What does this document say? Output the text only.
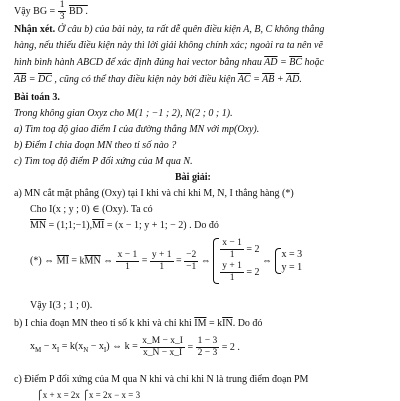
Vậy BG = $\frac{1}{3}$ BD .
Nhận xét. Ở câu b) của bài này, ta rất dễ quên điều kiện A, B, C không thẳng
hàng, nếu thiếu điều kiện này thì lời giải không chính xác; ngoài ra ta nên vẽ
hình bình hành ABCD để xác định đúng hai vector bằng nhau $\overline{AD} = \overline{BC}$ hoặc
$\overline{AB} = \overline{DC}$ , cũng có thể thay điều kiện này bởi điều kiện $\overline{AC} = \overline{AB} + \overline{AD}$.
Bài toán 3.
Trong không gian Oxyz cho M(1 ; −1 ; 2), N(2 ; 0 ; 1).
a) Tìm toạ độ giao điểm I của đường thẳng MN với mp(Oxy).
b) Điểm I chia đoạn MN theo tỉ số nào ?
c) Tìm toạ độ điểm P đối xứng của M qua N.
Bài giải:
a) MN cắt mặt phẳng (Oxy) tại I khi và chỉ khi M, N, I thẳng hàng (*)
Cho I(x ; y ; 0) ∈ (Oxy). Ta có
$\overline{MN}$ = $(1;1;-1),\overline{MI} = (x - 1$; y + 1; − 2) . Do đó
(*) ⇔ $\overline{MI} = k\overline{MN}$ ⇔ $\frac{x - 1}{1} = \frac{y + 1}{1} = \frac{-2}{-1}$ ⇔ $\frac{x - 1}{1} = 2$
$\frac{y + 1}{1} = 2$
⇔
x = 3
y = 1
Vậy I(3 ; 1 ; 0).
b) I chia đoạn MN theo tỉ số k khi và chỉ khi $\overline{IM} = k\overline{IN}$. Do đó
$x_M - x_I = k(x_N - x_I)$ ⇔ $k = \frac{x\_M - x\_I}{x\_N - x\_I} = \frac{1 - 3}{2 - 3} = 2$ .
c) Điểm P đối xứng của M qua N khi và chỉ khi N là trung điểm đoạn PM
⎧x + x = 2x ⎧x = 2x − x = 3
